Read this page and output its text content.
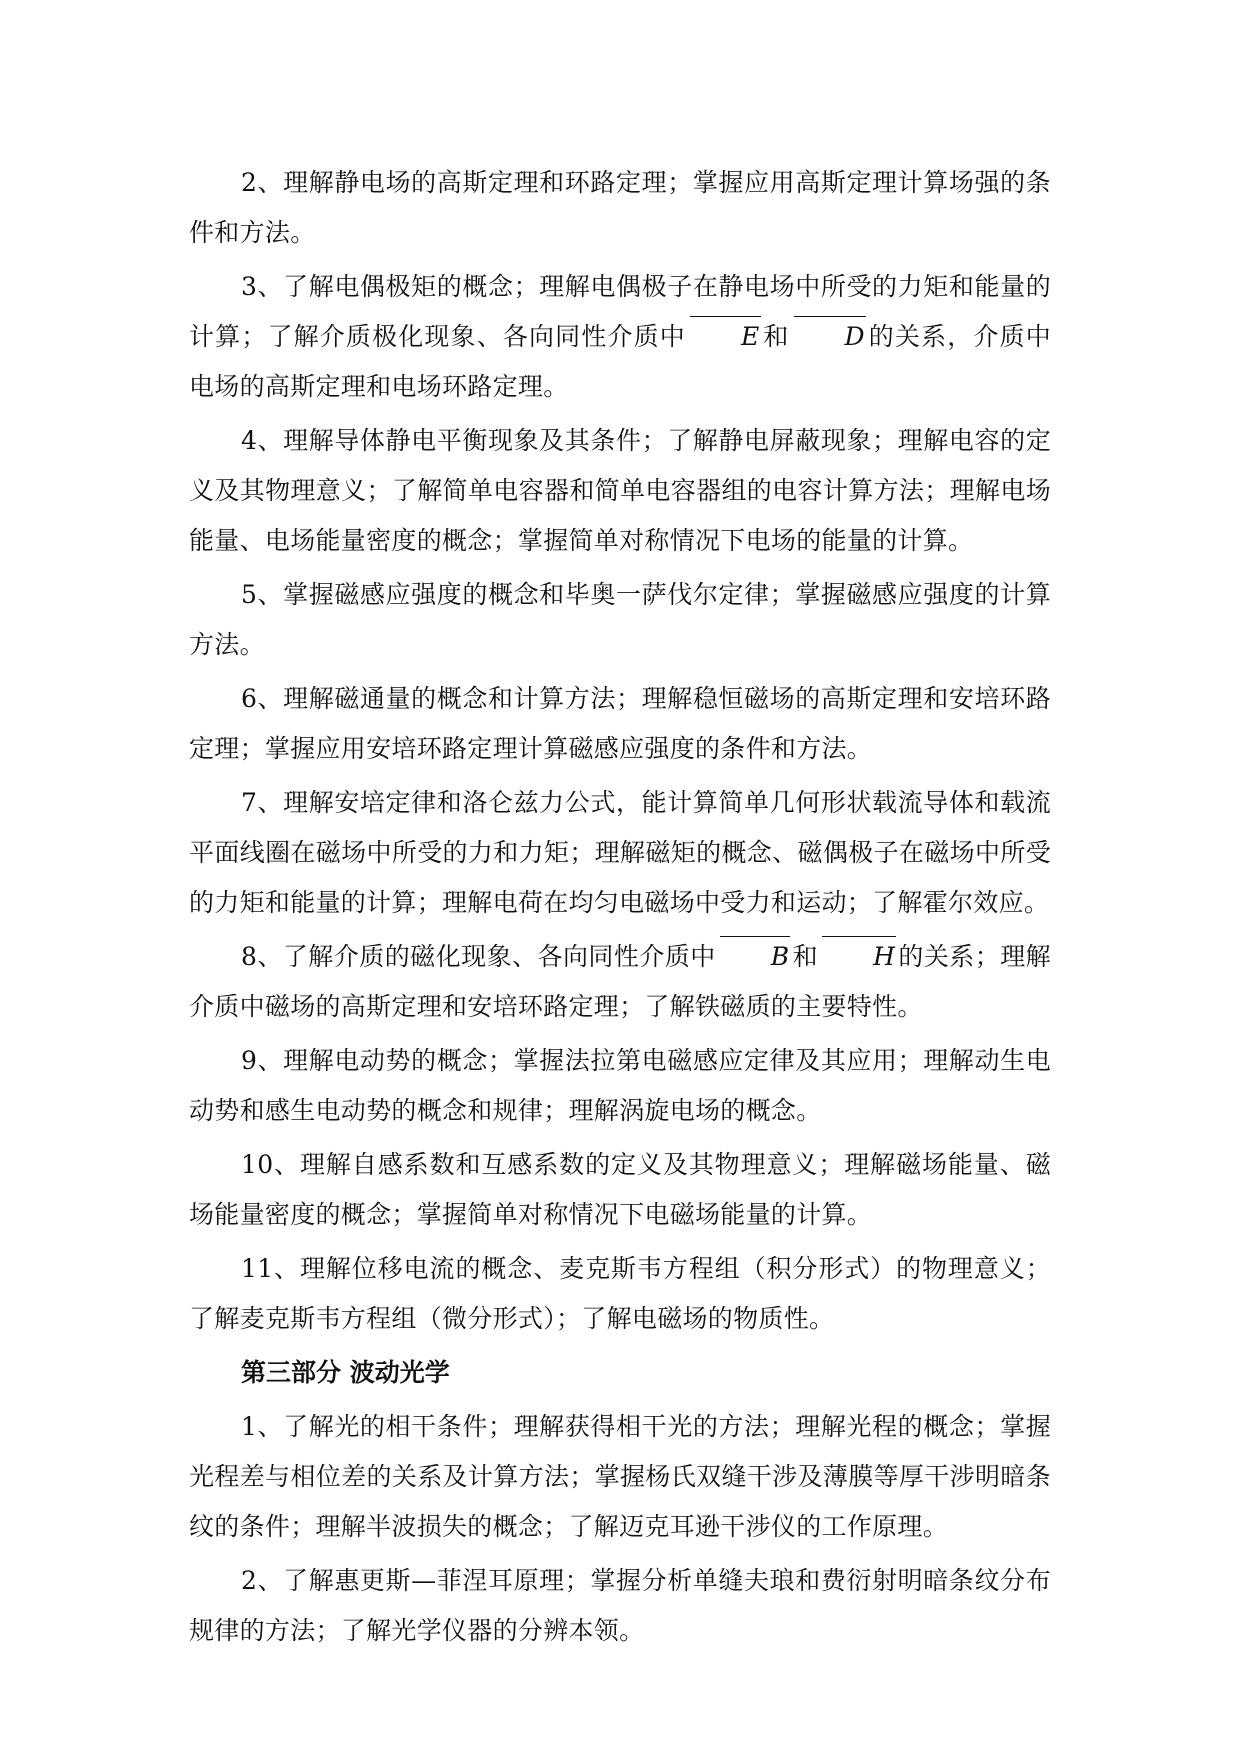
2、理解静电场的高斯定理和环路定理；掌握应用高斯定理计算场强的条件和方法。

3、了解电偶极矩的概念；理解电偶极子在静电场中所受的力矩和能量的计算；了解介质极化现象、各向同性介质中 E 和 D 的关系，介质中电场的高斯定理和电场环路定理。

4、理解导体静电平衡现象及其条件；了解静电屏蔽现象；理解电容的定义及其物理意义；了解简单电容器和简单电容器组的电容计算方法；理解电场能量、电场能量密度的概念；掌握简单对称情况下电场的能量的计算。

5、掌握磁感应强度的概念和毕奥一萨伐尔定律；掌握磁感应强度的计算方法。

6、理解磁通量的概念和计算方法；理解稳恒磁场的高斯定理和安培环路定理；掌握应用安培环路定理计算磁感应强度的条件和方法。

7、理解安培定律和洛仑兹力公式，能计算简单几何形状载流导体和载流平面线圈在磁场中所受的力和力矩；理解磁矩的概念、磁偶极子在磁场中所受的力矩和能量的计算；理解电荷在均匀电磁场中受力和运动；了解霍尔效应。

8、了解介质的磁化现象、各向同性介质中 B 和 H 的关系；理解介质中磁场的高斯定理和安培环路定理；了解铁磁质的主要特性。

9、理解电动势的概念；掌握法拉第电磁感应定律及其应用；理解动生电动势和感生电动势的概念和规律；理解涡旋电场的概念。

10、理解自感系数和互感系数的定义及其物理意义；理解磁场能量、磁场能量密度的概念；掌握简单对称情况下电磁场能量的计算。

11、理解位移电流的概念、麦克斯韦方程组（积分形式）的物理意义；了解麦克斯韦方程组（微分形式）；了解电磁场的物质性。

第三部分 波动光学

1、了解光的相干条件；理解获得相干光的方法；理解光程的概念；掌握光程差与相位差的关系及计算方法；掌握杨氏双缝干涉及薄膜等厚干涉明暗条纹的条件；理解半波损失的概念；了解迈克耳逊干涉仪的工作原理。

2、了解惠更斯—菲涅耳原理；掌握分析单缝夫琅和费衍射明暗条纹分布规律的方法；了解光学仪器的分辨本领。
